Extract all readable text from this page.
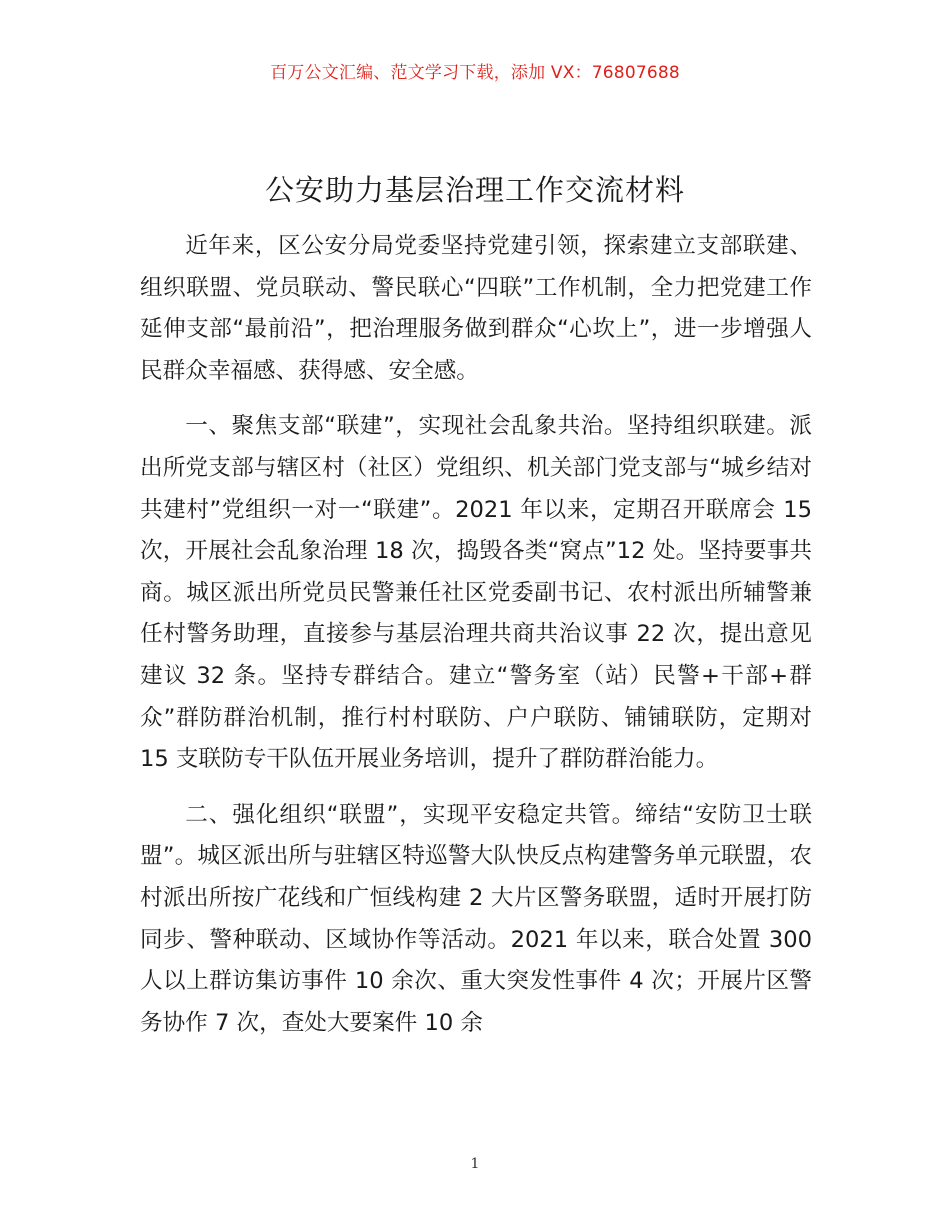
百万公文汇编、范文学习下载，添加 VX：76807688
公安助力基层治理工作交流材料

近年来，区公安分局党委坚持党建引领，探索建立支部联建、组织联盟、党员联动、警民联心“四联”工作机制，全力把党建工作延伸支部“最前沿”，把治理服务做到群众“心坎上”，进一步增强人民群众幸福感、获得感、安全感。

一、聚焦支部“联建”，实现社会乱象共治。坚持组织联建。派出所党支部与辖区村（社区）党组织、机关部门党支部与“城乡结对共建村”党组织一对一“联建”。2021 年以来，定期召开联席会 15 次，开展社会乱象治理 18 次，捣毁各类“窝点”12 处。坚持要事共商。城区派出所党员民警兼任社区党委副书记、农村派出所辅警兼任村警务助理，直接参与基层治理共商共治议事 22 次，提出意见建议 32 条。坚持专群结合。建立“警务室（站）民警+干部+群众”群防群治机制，推行村村联防、户户联防、铺铺联防，定期对 15 支联防专干队伍开展业务培训，提升了群防群治能力。

二、强化组织“联盟”，实现平安稳定共管。缔结“安防卫士联盟”。城区派出所与驻辖区特巡警大队快反点构建警务单元联盟，农村派出所按广花线和广恒线构建 2 大片区警务联盟，适时开展打防同步、警种联动、区域协作等活动。2021 年以来，联合处置 300 人以上群访集访事件 10 余次、重大突发性事件 4 次；开展片区警务协作 7 次，查处大要案件 10 余

1
